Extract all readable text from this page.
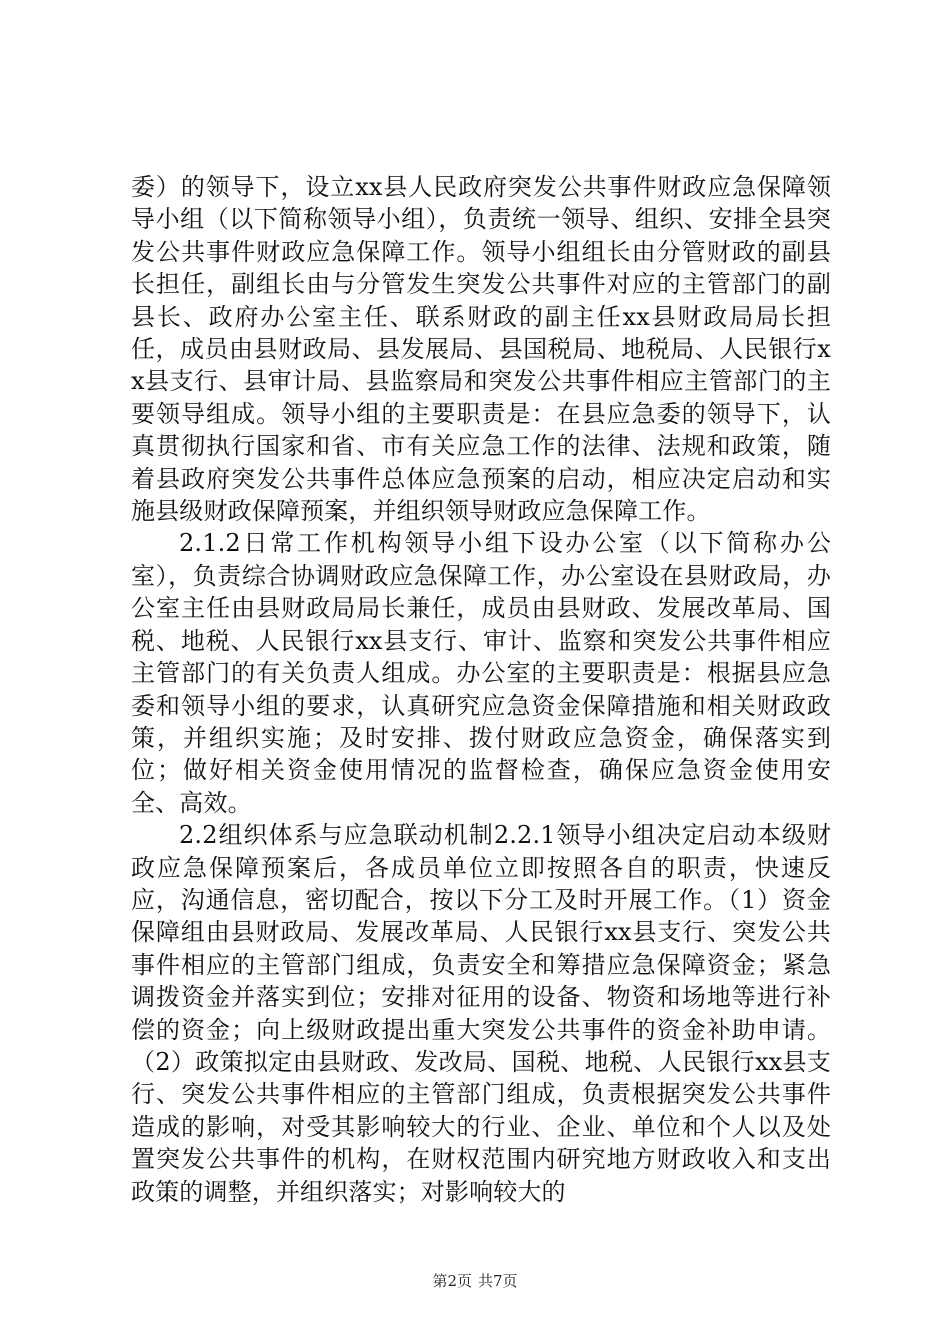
委）的领导下，设立xx县人民政府突发公共事件财政应急保障领导小组（以下简称领导小组），负责统一领导、组织、安排全县突发公共事件财政应急保障工作。领导小组组长由分管财政的副县长担任，副组长由与分管发生突发公共事件对应的主管部门的副县长、政府办公室主任、联系财政的副主任xx县财政局局长担任，成员由县财政局、县发展局、县国税局、地税局、人民银行xx县支行、县审计局、县监察局和突发公共事件相应主管部门的主要领导组成。领导小组的主要职责是：在县应急委的领导下，认真贯彻执行国家和省、市有关应急工作的法律、法规和政策，随着县政府突发公共事件总体应急预案的启动，相应决定启动和实施县级财政保障预案，并组织领导财政应急保障工作。

2.1.2日常工作机构领导小组下设办公室（以下简称办公室），负责综合协调财政应急保障工作，办公室设在县财政局，办公室主任由县财政局局长兼任，成员由县财政、发展改革局、国税、地税、人民银行xx县支行、审计、监察和突发公共事件相应主管部门的有关负责人组成。办公室的主要职责是：根据县应急委和领导小组的要求，认真研究应急资金保障措施和相关财政政策，并组织实施；及时安排、拨付财政应急资金，确保落实到位；做好相关资金使用情况的监督检查，确保应急资金使用安全、高效。

2.2组织体系与应急联动机制2.2.1领导小组决定启动本级财政应急保障预案后，各成员单位立即按照各自的职责，快速反应，沟通信息，密切配合，按以下分工及时开展工作。（1）资金保障组由县财政局、发展改革局、人民银行xx县支行、突发公共事件相应的主管部门组成，负责安全和筹措应急保障资金；紧急调拨资金并落实到位；安排对征用的设备、物资和场地等进行补偿的资金；向上级财政提出重大突发公共事件的资金补助申请。（2）政策拟定由县财政、发改局、国税、地税、人民银行xx县支行、突发公共事件相应的主管部门组成，负责根据突发公共事件造成的影响，对受其影响较大的行业、企业、单位和个人以及处置突发公共事件的机构，在财权范围内研究地方财政收入和支出政策的调整，并组织落实；对影响较大的

第2页 共7页
